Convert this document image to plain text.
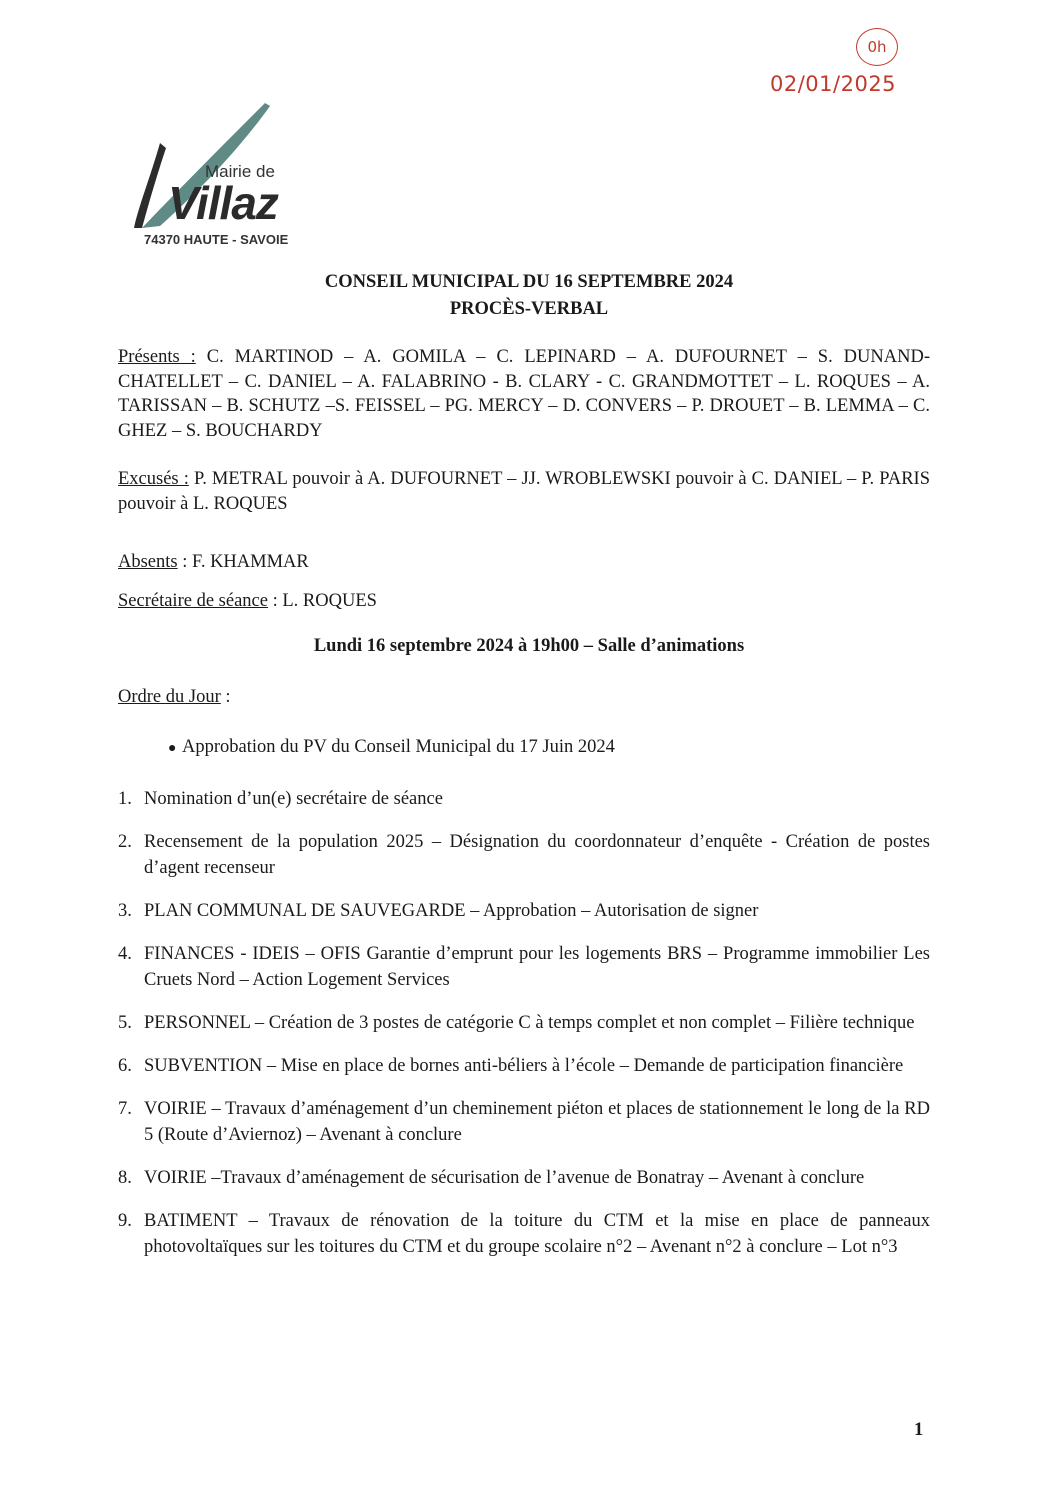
0h
02/01/2025
Mairie de
Villaz
74370 HAUTE - SAVOIE
CONSEIL MUNICIPAL DU 16 SEPTEMBRE 2024
PROCÈS-VERBAL
Présents : C. MARTINOD – A. GOMILA – C. LEPINARD – A. DUFOURNET – S. DUNAND-CHATELLET – C. DANIEL – A. FALABRINO - B. CLARY - C. GRANDMOTTET – L. ROQUES – A. TARISSAN – B. SCHUTZ –S. FEISSEL – PG. MERCY – D. CONVERS – P. DROUET – B. LEMMA – C. GHEZ – S. BOUCHARDY
Excusés : P. METRAL pouvoir à A. DUFOURNET – JJ. WROBLEWSKI pouvoir à C. DANIEL – P. PARIS pouvoir à L. ROQUES
Absents : F. KHAMMAR
Secrétaire de séance : L. ROQUES
Lundi 16 septembre 2024 à 19h00 – Salle d’animations
Ordre du Jour :
● Approbation du PV du Conseil Municipal du 17 Juin 2024
1. Nomination d’un(e) secrétaire de séance
2. Recensement de la population 2025 – Désignation du coordonnateur d’enquête - Création de postes d’agent recenseur
3. PLAN COMMUNAL DE SAUVEGARDE – Approbation – Autorisation de signer
4. FINANCES - IDEIS – OFIS Garantie d’emprunt pour les logements BRS – Programme immobilier Les Cruets Nord – Action Logement Services
5. PERSONNEL – Création de 3 postes de catégorie C à temps complet et non complet – Filière technique
6. SUBVENTION – Mise en place de bornes anti-béliers à l’école – Demande de participation financière
7. VOIRIE – Travaux d’aménagement d’un cheminement piéton et places de stationnement le long de la RD 5 (Route d’Aviernoz) – Avenant à conclure
8. VOIRIE –Travaux d’aménagement de sécurisation de l’avenue de Bonatray – Avenant à conclure
9. BATIMENT – Travaux de rénovation de la toiture du CTM et la mise en place de panneaux photovoltaïques sur les toitures du CTM et du groupe scolaire n°2 – Avenant n°2 à conclure – Lot n°3
1
